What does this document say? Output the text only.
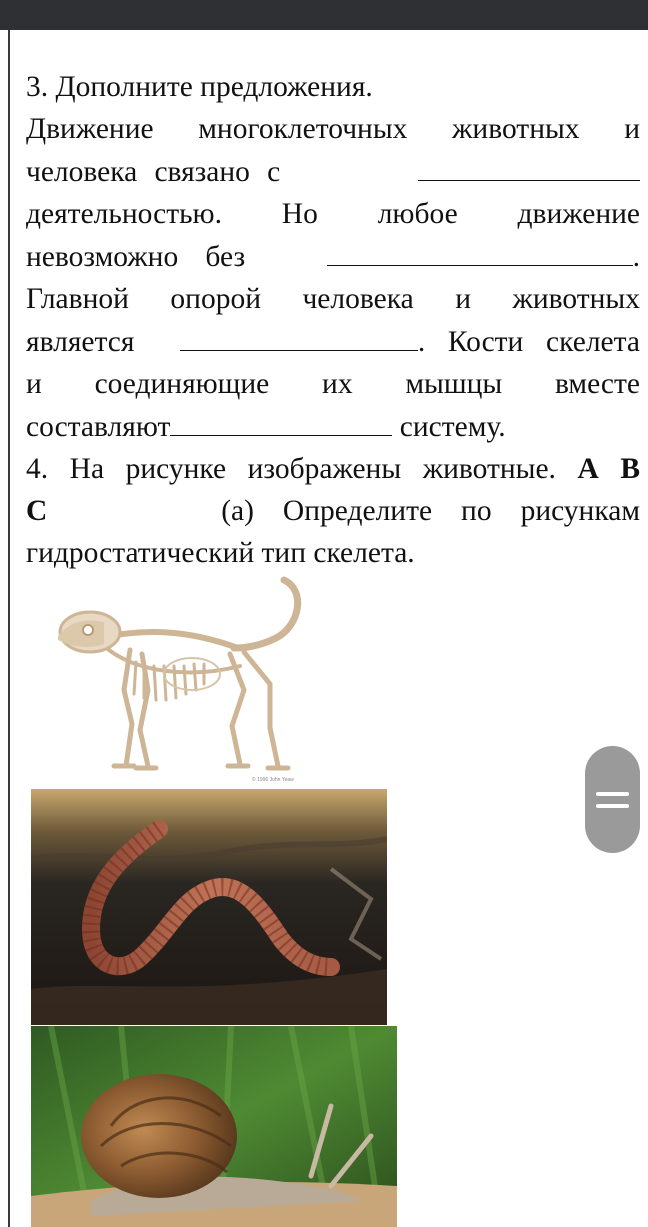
3. Дополните предложения.

Движение многоклеточных животных и

человека связано с

деятельностью. Но любое движение

невозможно без	.

Главной опорой человека и животных

является	. Кости скелета

и соединяющие их мышцы вместе

составляют	систему.

4. На рисунке изображены животные. А В

С	(а) Определите по рисункам

гидростатический тип скелета.

© 1996 John Yeaw
